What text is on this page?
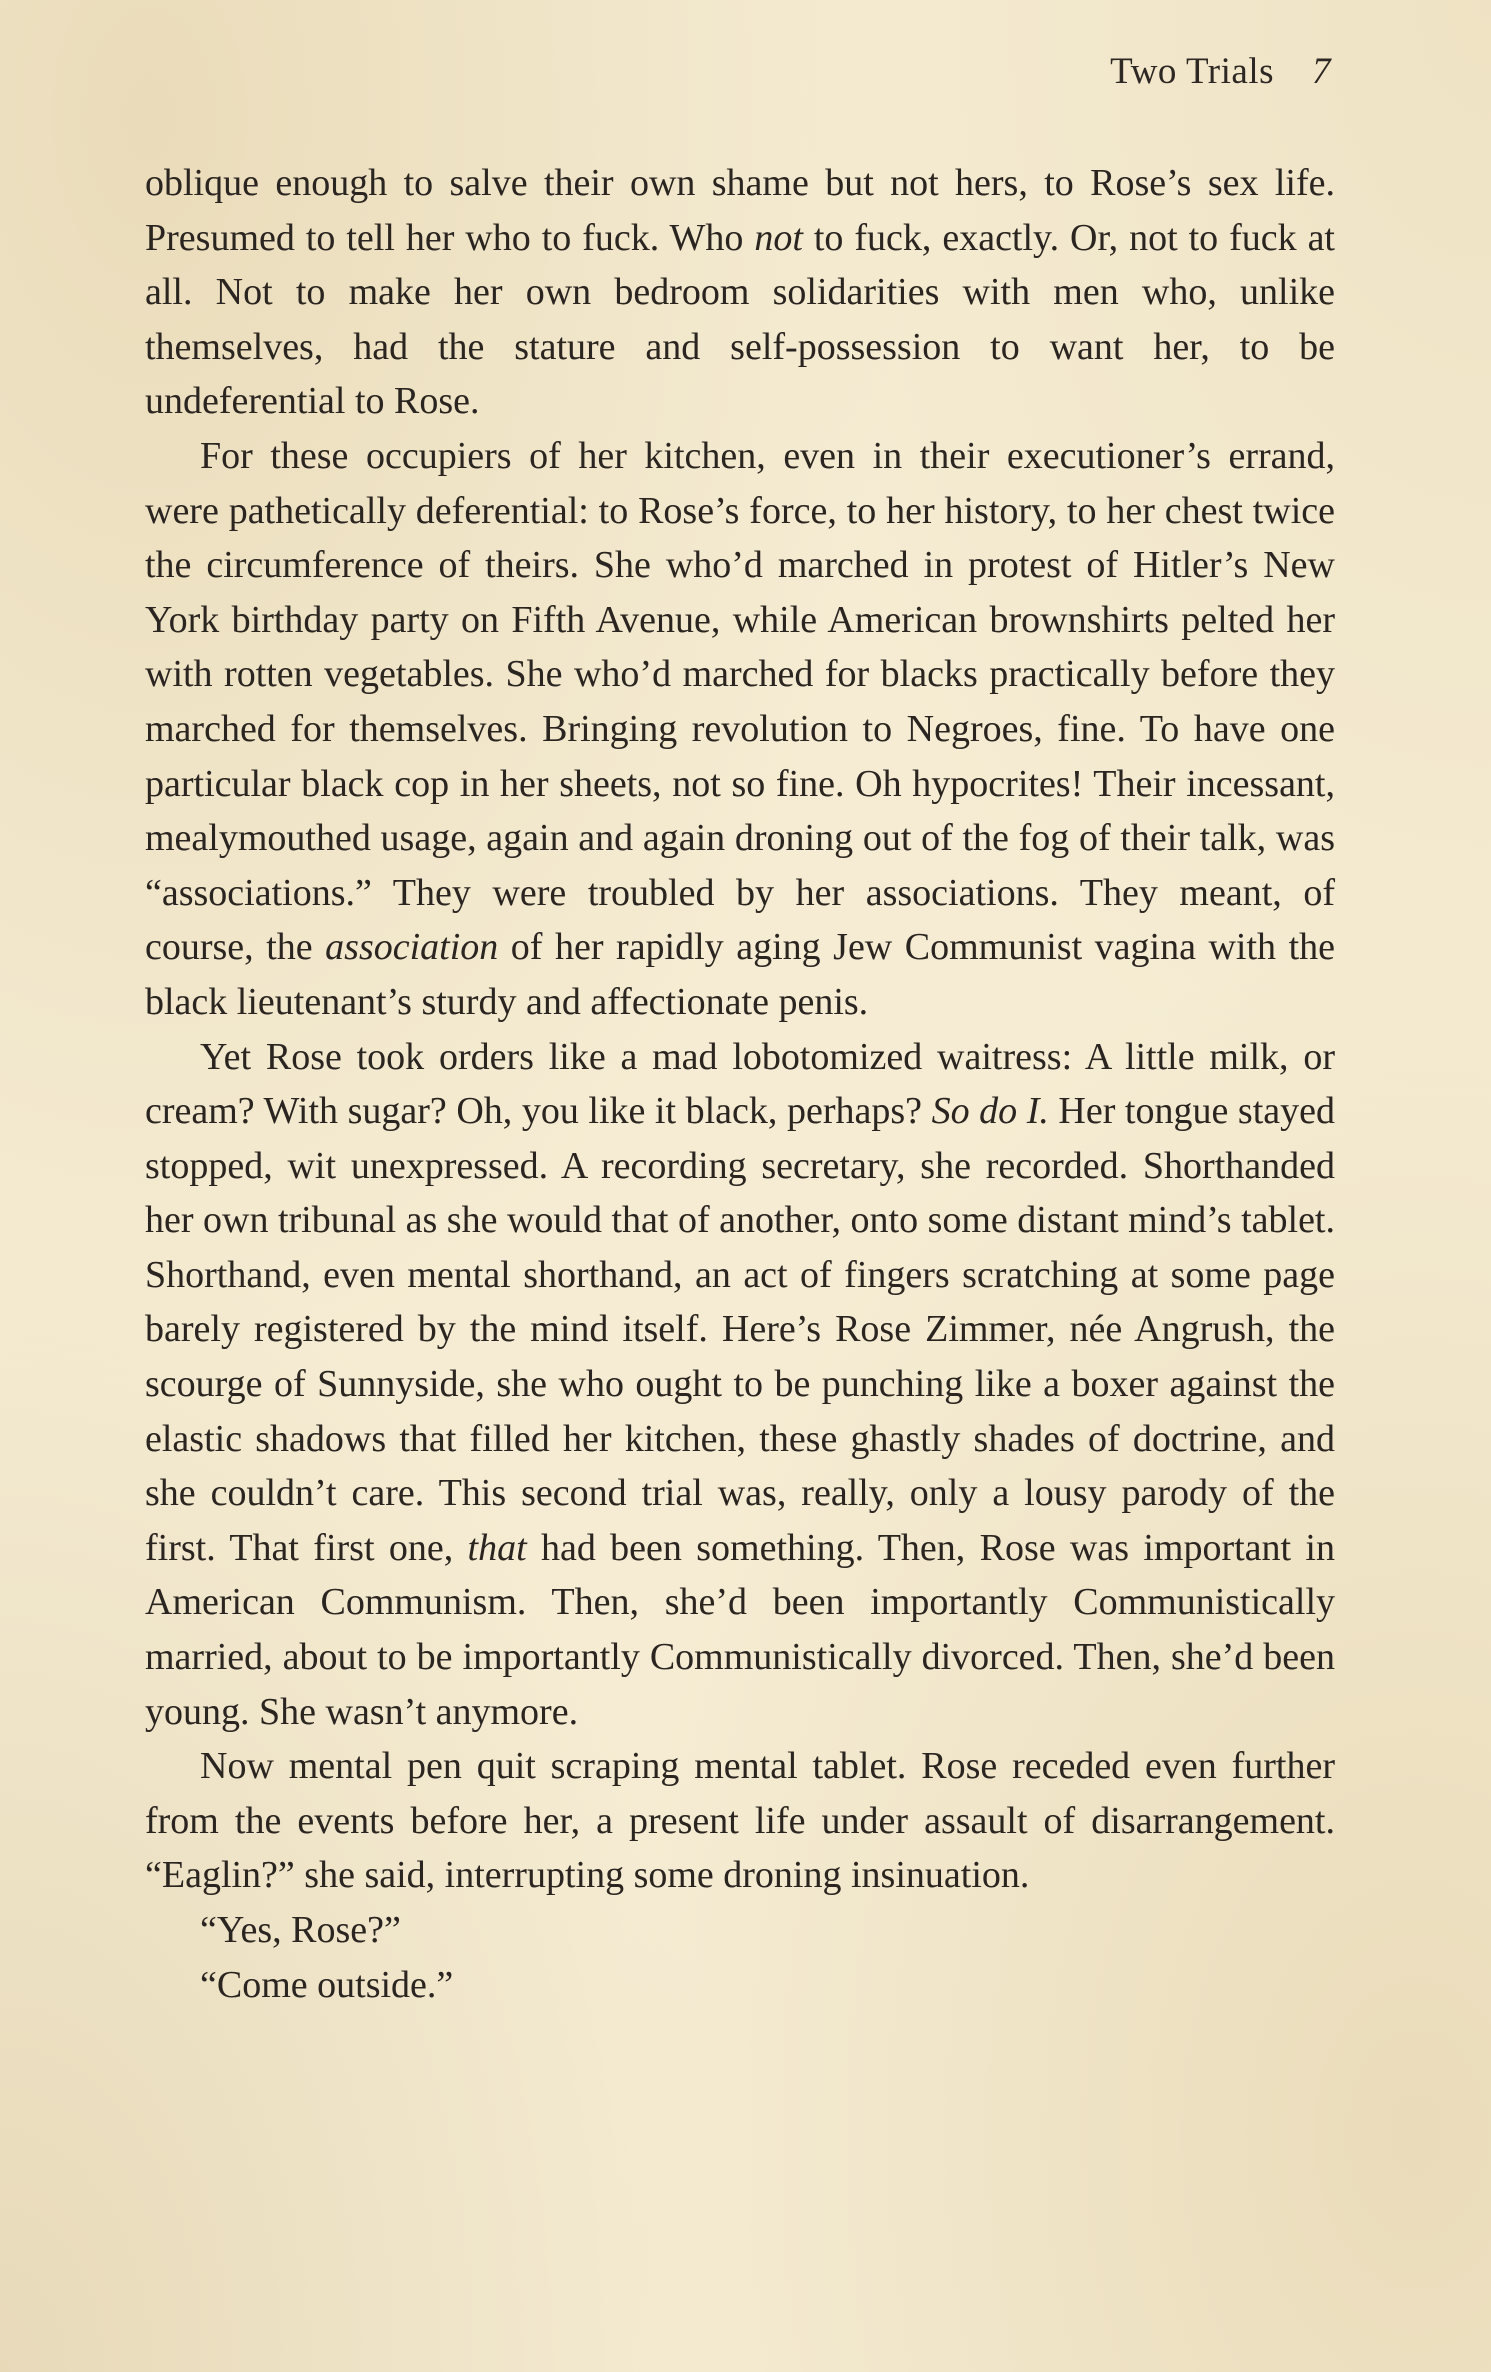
Two Trials 7

oblique enough to salve their own shame but not hers, to Rose’s sex life. Presumed to tell her who to fuck. Who not to fuck, exactly. Or, not to fuck at all. Not to make her own bedroom solidarities with men who, unlike themselves, had the stature and self-possession to want her, to be undeferential to Rose.

For these occupiers of her kitchen, even in their executioner’s errand, were pathetically deferential: to Rose’s force, to her history, to her chest twice the circumference of theirs. She who’d marched in protest of Hitler’s New York birthday party on Fifth Avenue, while American brownshirts pelted her with rotten vegetables. She who’d marched for blacks practically before they marched for themselves. Bringing revolution to Negroes, fine. To have one particular black cop in her sheets, not so fine. Oh hypocrites! Their incessant, mealymouthed usage, again and again droning out of the fog of their talk, was “associations.” They were troubled by her associations. They meant, of course, the association of her rapidly aging Jew Communist vagina with the black lieutenant’s sturdy and affectionate penis.

Yet Rose took orders like a mad lobotomized waitress: A little milk, or cream? With sugar? Oh, you like it black, perhaps? So do I. Her tongue stayed stopped, wit unexpressed. A recording secretary, she recorded. Shorthanded her own tribunal as she would that of another, onto some distant mind’s tablet. Shorthand, even mental shorthand, an act of fingers scratching at some page barely registered by the mind itself. Here’s Rose Zimmer, née Angrush, the scourge of Sunnyside, she who ought to be punching like a boxer against the elastic shadows that filled her kitchen, these ghastly shades of doctrine, and she couldn’t care. This second trial was, really, only a lousy parody of the first. That first one, that had been something. Then, Rose was important in American Communism. Then, she’d been importantly Communistically married, about to be importantly Communistically divorced. Then, she’d been young. She wasn’t anymore.

Now mental pen quit scraping mental tablet. Rose receded even further from the events before her, a present life under assault of disarrangement. “Eaglin?” she said, interrupting some droning insinuation.

“Yes, Rose?”

“Come outside.”
